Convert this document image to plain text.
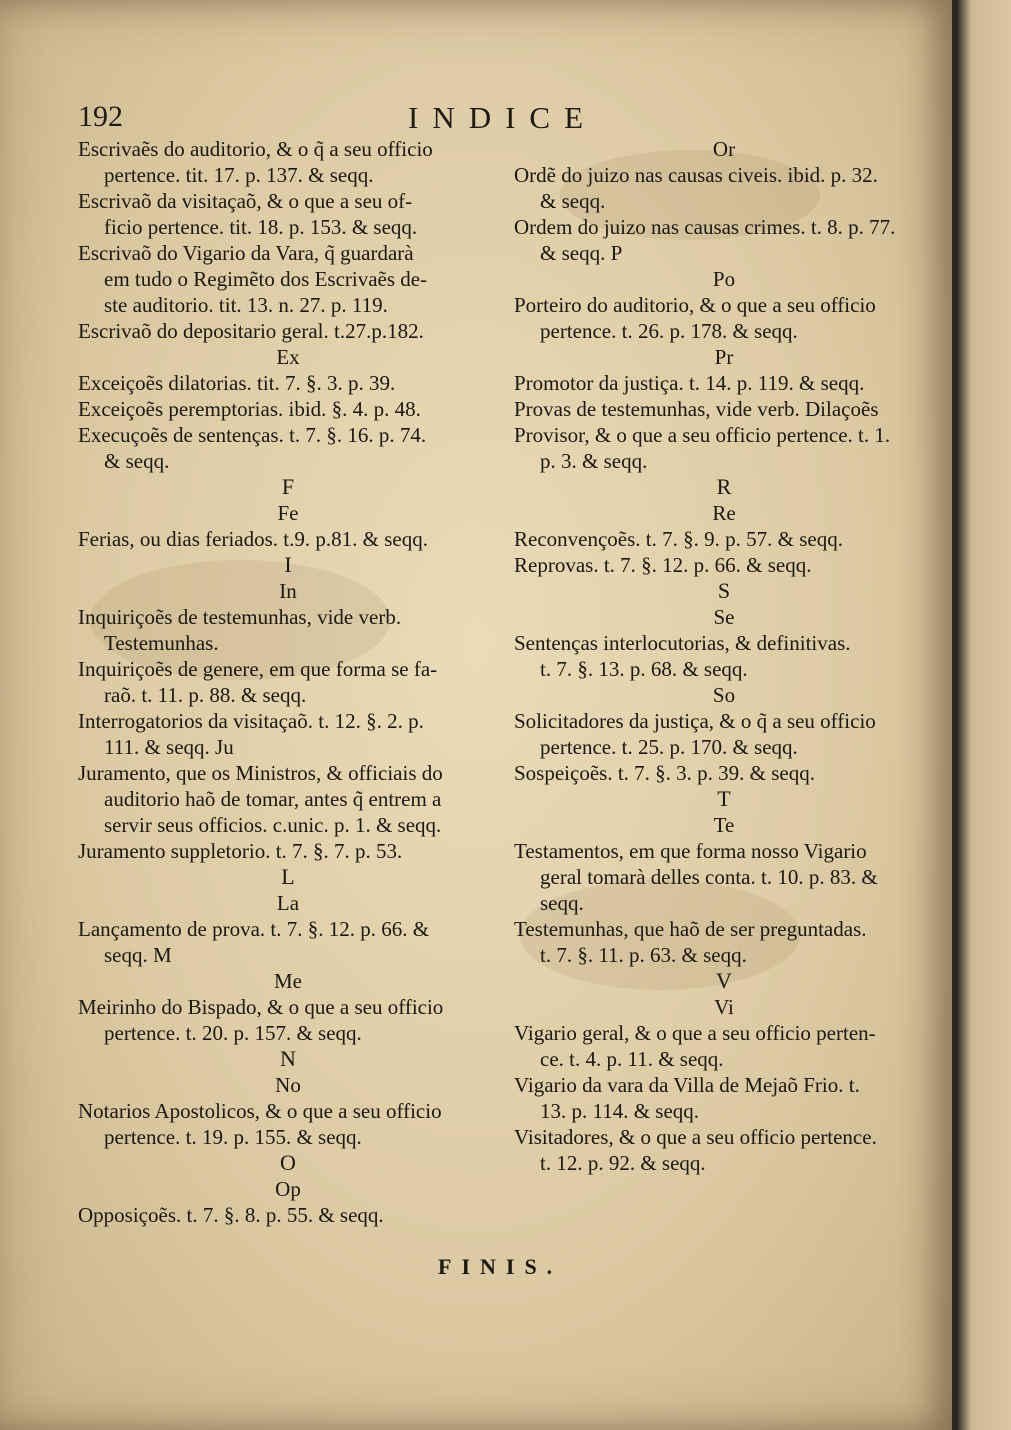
192	INDICE
Escrivaẽs do auditorio, & o q̃ a seu officio
pertence. tit. 17. p. 137. & seqq.
Escrivaõ da visitaçaõ, & o que a seu of-
ficio pertence. tit. 18. p. 153. & seqq.
Escrivaõ do Vigario da Vara, q̃ guardarà
em tudo o Regimẽto dos Escrivaẽs de-
ste auditorio. tit. 13. n. 27. p. 119.
Escrivaõ do depositario geral. t.27.p.182.
Ex
Exceiçoẽs dilatorias. tit. 7. §. 3. p. 39.
Exceiçoẽs peremptorias. ibid. §. 4. p. 48.
Execuçoẽs de sentenças. t. 7. §. 16. p. 74.
& seqq.
F
Fe
Ferias, ou dias feriados. t.9. p.81. & seqq.
I
In
Inquiriçoẽs de testemunhas, vide verb.
Testemunhas.
Inquiriçoẽs de genere, em que forma se fa-
raõ. t. 11. p. 88. & seqq.
Interrogatorios da visitaçaõ. t. 12. §. 2. p.
111. & seqq. Ju
Juramento, que os Ministros, & officiais do
auditorio haõ de tomar, antes q̃ entrem a
servir seus officios. c.unic. p. 1. & seqq.
Juramento suppletorio. t. 7. §. 7. p. 53.
L
La
Lançamento de prova. t. 7. §. 12. p. 66. &
seqq. M
Me
Meirinho do Bispado, & o que a seu officio
pertence. t. 20. p. 157. & seqq.
N
No
Notarios Apostolicos, & o que a seu officio
pertence. t. 19. p. 155. & seqq.
O
Op
Opposiçoẽs. t. 7. §. 8. p. 55. & seqq.
Or
Ordẽ do juizo nas causas civeis. ibid. p. 32.
& seqq.
Ordem do juizo nas causas crimes. t. 8. p. 77.
& seqq. P
Po
Porteiro do auditorio, & o que a seu officio
pertence. t. 26. p. 178. & seqq.
Pr
Promotor da justiça. t. 14. p. 119. & seqq.
Provas de testemunhas, vide verb. Dilaçoẽs
Provisor, & o que a seu officio pertence. t. 1.
p. 3. & seqq.
R
Re
Reconvençoẽs. t. 7. §. 9. p. 57. & seqq.
Reprovas. t. 7. §. 12. p. 66. & seqq.
S
Se
Sentenças interlocutorias, & definitivas.
t. 7. §. 13. p. 68. & seqq.
So
Solicitadores da justiça, & o q̃ a seu officio
pertence. t. 25. p. 170. & seqq.
Sospeiçoẽs. t. 7. §. 3. p. 39. & seqq.
T
Te
Testamentos, em que forma nosso Vigario
geral tomarà delles conta. t. 10. p. 83. &
seqq.
Testemunhas, que haõ de ser preguntadas.
t. 7. §. 11. p. 63. & seqq.
V
Vi
Vigario geral, & o que a seu officio perten-
ce. t. 4. p. 11. & seqq.
Vigario da vara da Villa de Mejaõ Frio. t.
13. p. 114. & seqq.
Visitadores, & o que a seu officio pertence.
t. 12. p. 92. & seqq.
FINIS.
